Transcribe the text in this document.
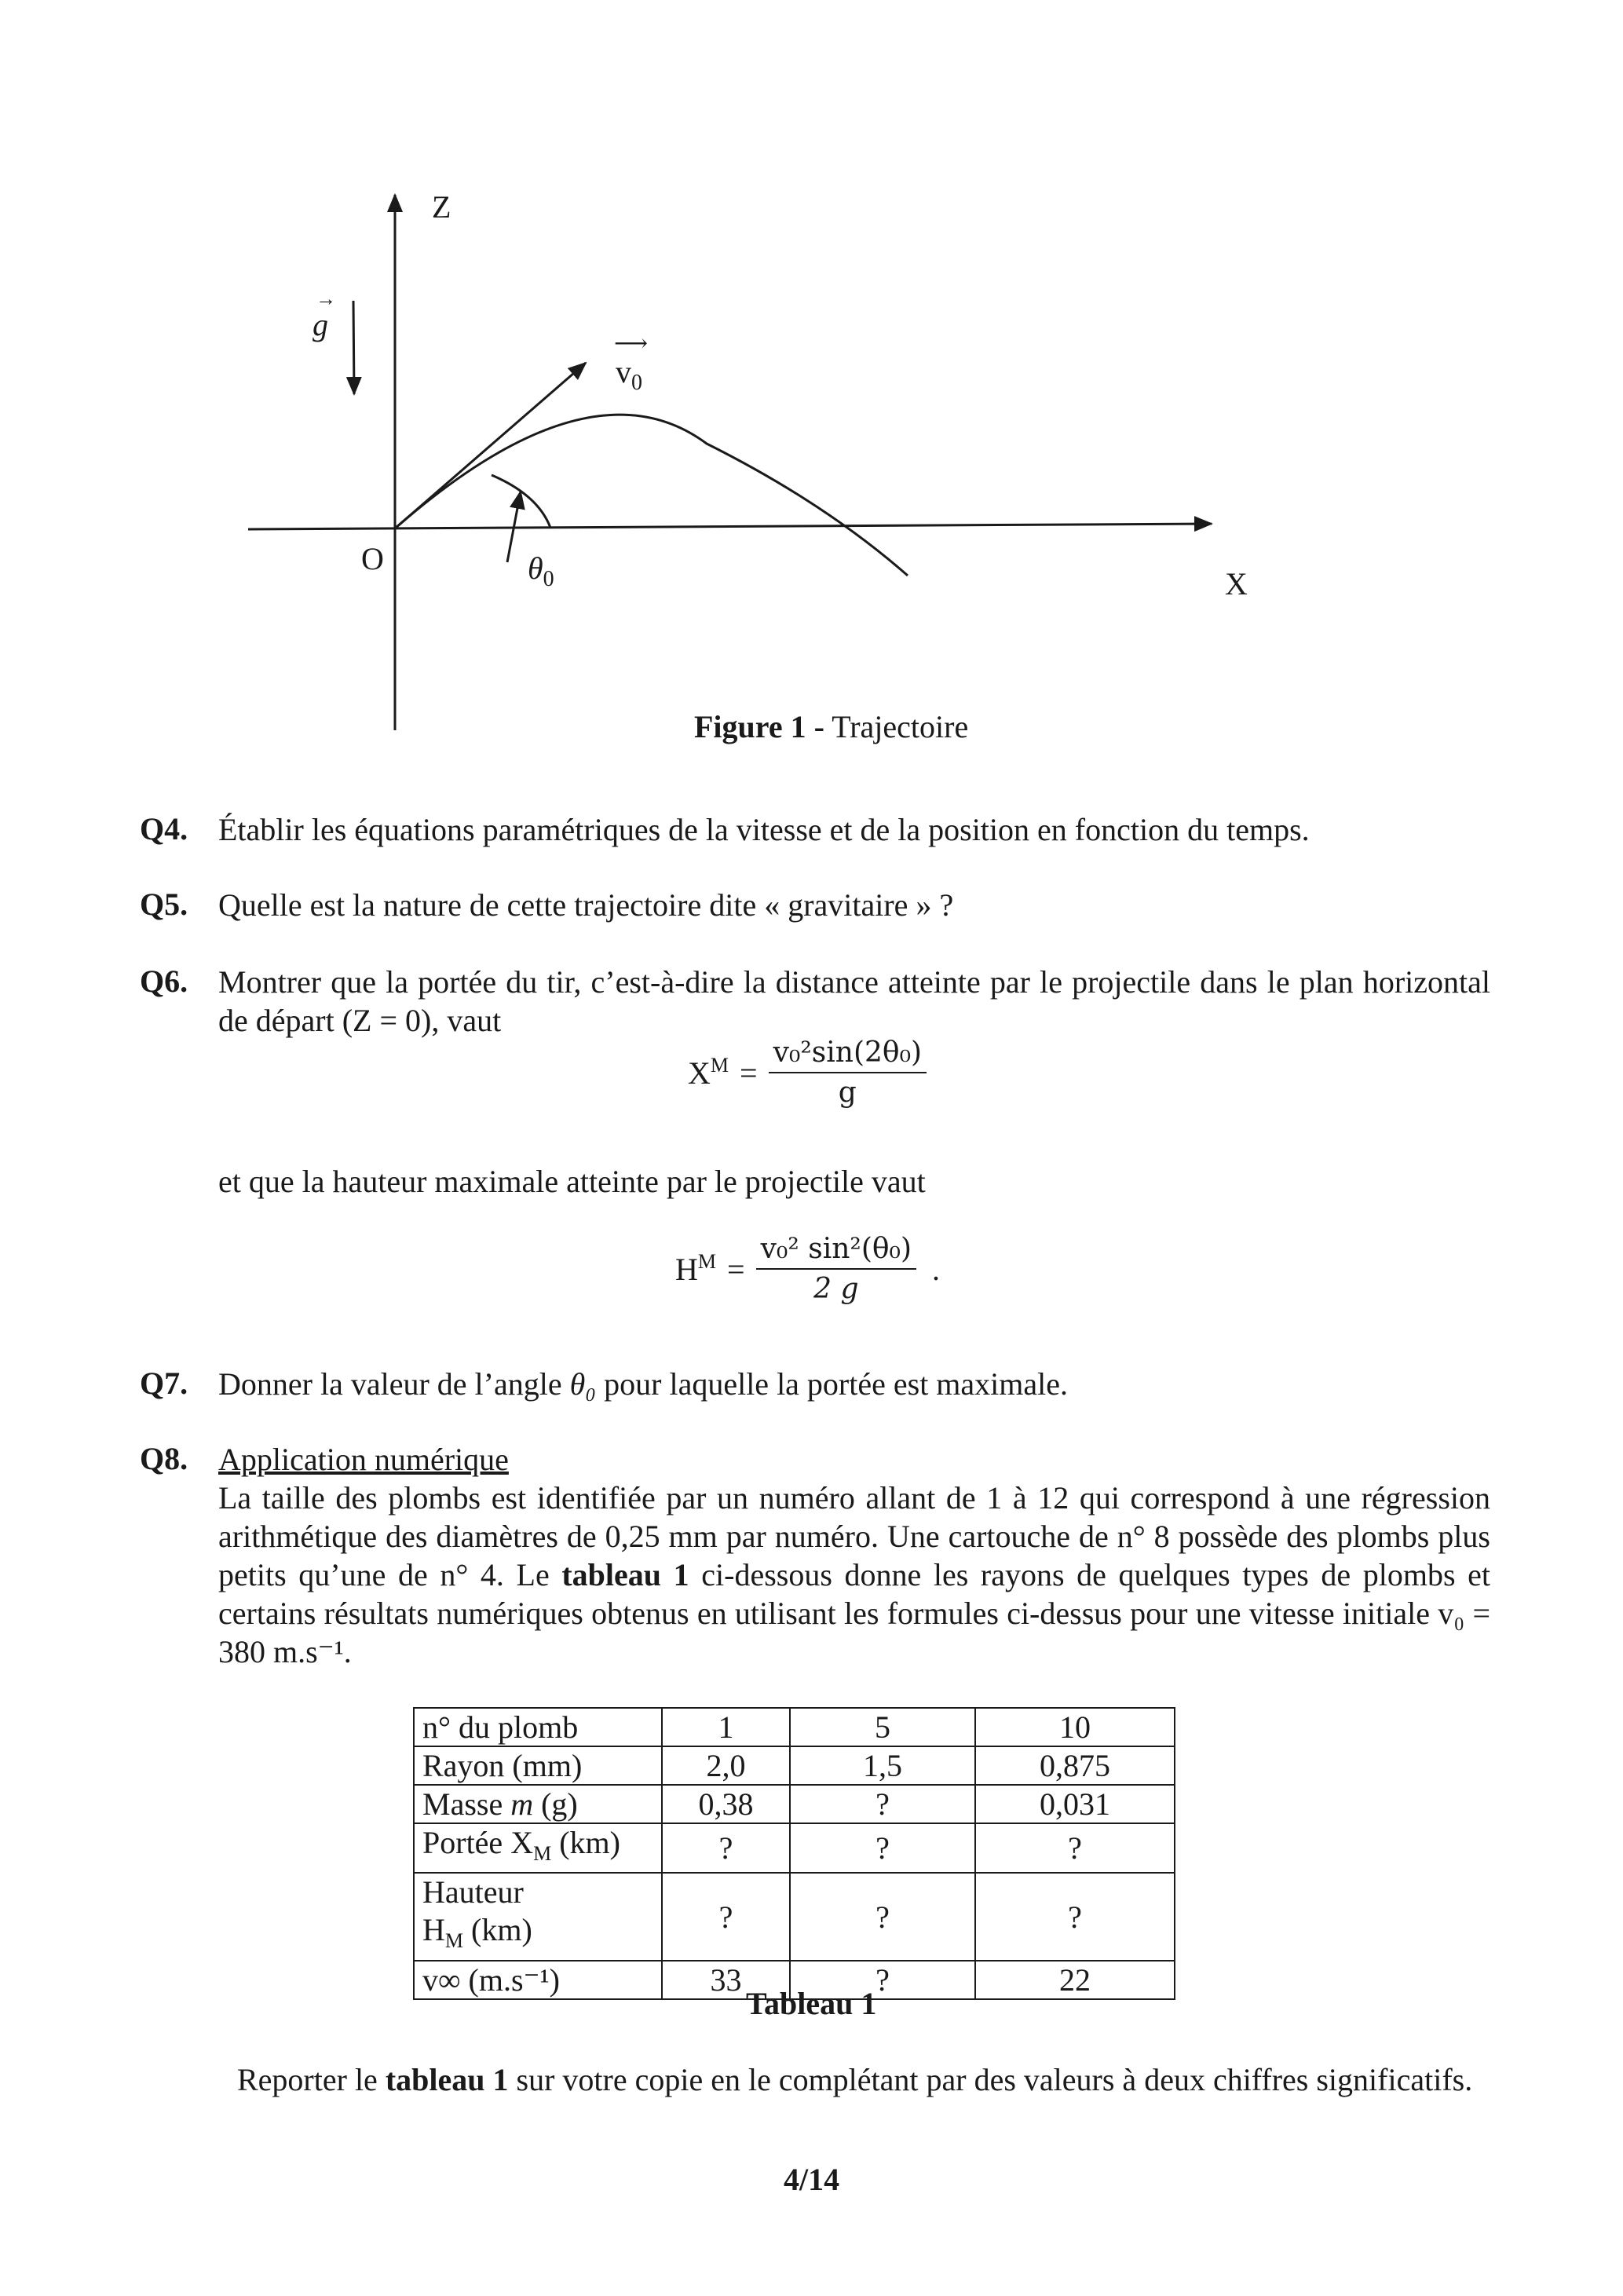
Z
X
O
→
g
⟶
$v_0$
$\theta_0$
Figure 1 - Trajectoire
Q4. Établir les équations paramétriques de la vitesse et de la position en fonction du temps.
Q5. Quelle est la nature de cette trajectoire dite « gravitaire » ?
Q6. Montrer que la portée du tir, c’est-à-dire la distance atteinte par le projectile dans le plan horizontal de départ (Z = 0), vaut
$X^M = \frac{\text{v₀²sin(2θ₀)}}{g}$
et que la hauteur maximale atteinte par le projectile vaut
$H^M = \frac{\text{v₀² sin²(θ₀)}}{2 g}$ .
Q7. Donner la valeur de l’angle θ₀ pour laquelle la portée est maximale.
Q8. Application numérique
La taille des plombs est identifiée par un numéro allant de 1 à 12 qui correspond à une régression arithmétique des diamètres de 0,25 mm par numéro. Une cartouche de n° 8 possède des plombs plus petits qu’une de n° 4. Le tableau 1 ci-dessous donne les rayons de quelques types de plombs et certains résultats numériques obtenus en utilisant les formules ci-dessus pour une vitesse initiale v₀ = 380 m.s⁻¹.
n° du plomb	1	5	10
Rayon (mm)	2,0	1,5	0,875
Masse m (g)	0,38	?	0,031
Portée $X_M$ (km)	?	?	?
Hauteur
$H_M$ (km)	?	?	?
v∞ (m.s⁻¹)	33	?	22
Tableau 1
Reporter le tableau 1 sur votre copie en le complétant par des valeurs à deux chiffres significatifs.
4/14
